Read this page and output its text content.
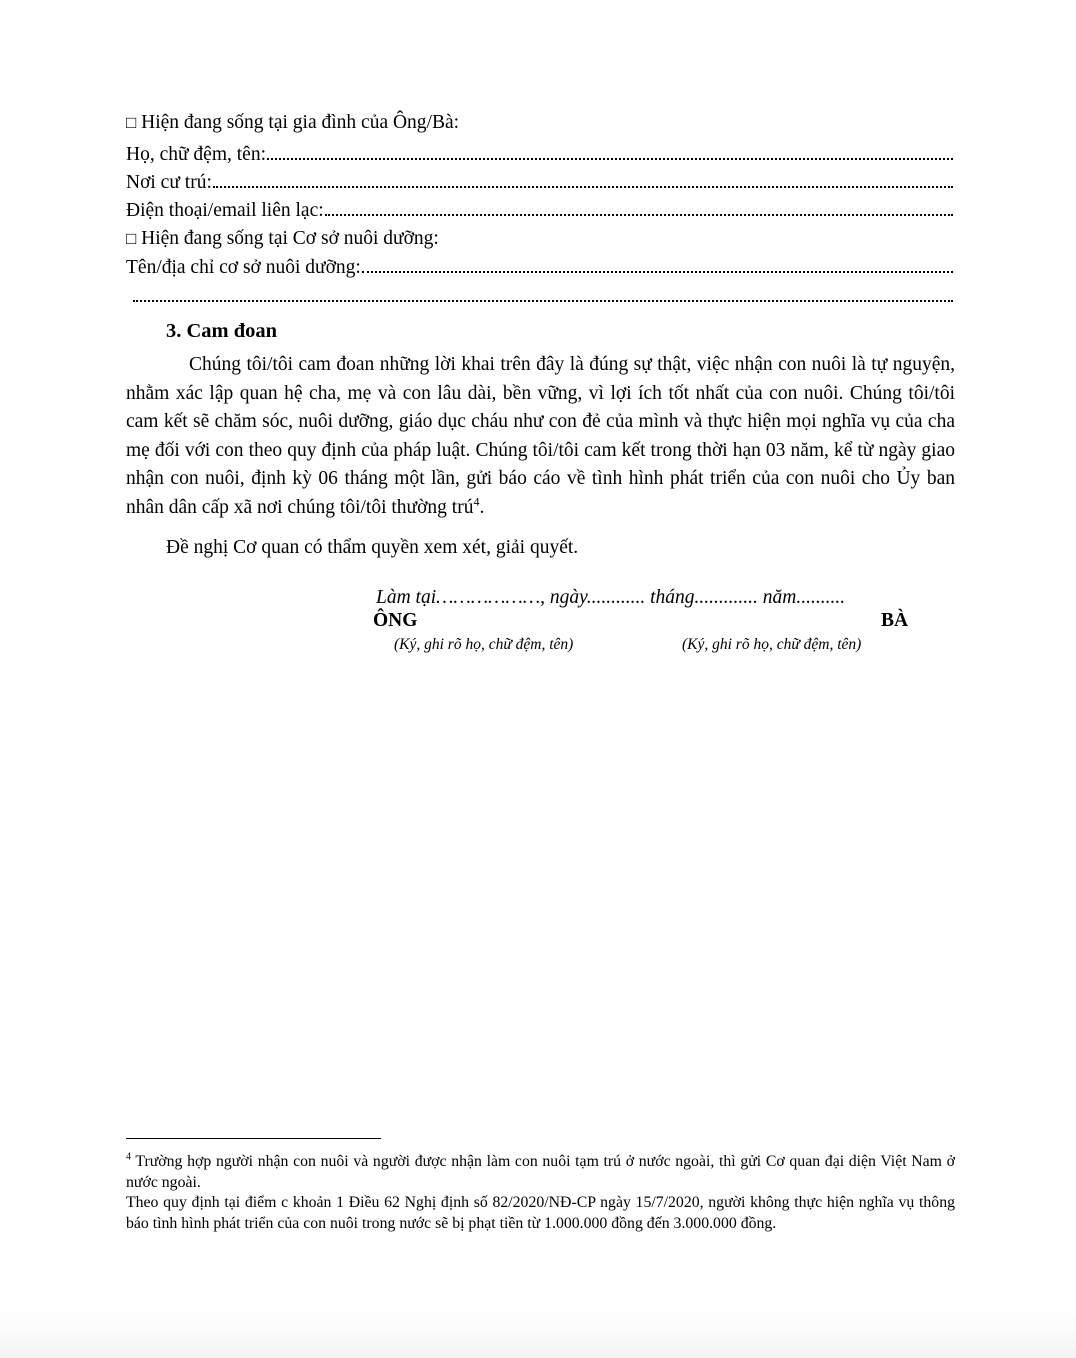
□ Hiện đang sống tại gia đình của Ông/Bà:
Họ, chữ đệm, tên:
Nơi cư trú:
Điện thoại/email liên lạc:
□ Hiện đang sống tại Cơ sở nuôi dưỡng:
Tên/địa chỉ cơ sở nuôi dưỡng:
3. Cam đoan
Chúng tôi/tôi cam đoan những lời khai trên đây là đúng sự thật, việc nhận con nuôi là tự nguyện, nhằm xác lập quan hệ cha, mẹ và con lâu dài, bền vững, vì lợi ích tốt nhất của con nuôi. Chúng tôi/tôi cam kết sẽ chăm sóc, nuôi dưỡng, giáo dục cháu như con đẻ của mình và thực hiện mọi nghĩa vụ của cha mẹ đối với con theo quy định của pháp luật. Chúng tôi/tôi cam kết trong thời hạn 03 năm, kể từ ngày giao nhận con nuôi, định kỳ 06 tháng một lần, gửi báo cáo về tình hình phát triển của con nuôi cho Ủy ban nhân dân cấp xã nơi chúng tôi/tôi thường trú$^4$.
Đề nghị Cơ quan có thẩm quyền xem xét, giải quyết.
Làm tại………………, ngày............ tháng............. năm..........
ÔNG	BÀ
(Ký, ghi rõ họ, chữ đệm, tên)	(Ký, ghi rõ họ, chữ đệm, tên)
$^4$ Trường hợp người nhận con nuôi và người được nhận làm con nuôi tạm trú ở nước ngoài, thì gửi Cơ quan đại diện Việt Nam ở nước ngoài.
Theo quy định tại điểm c khoản 1 Điều 62 Nghị định số 82/2020/NĐ-CP ngày 15/7/2020, người không thực hiện nghĩa vụ thông báo tình hình phát triển của con nuôi trong nước sẽ bị phạt tiền từ 1.000.000 đồng đến 3.000.000 đồng.
